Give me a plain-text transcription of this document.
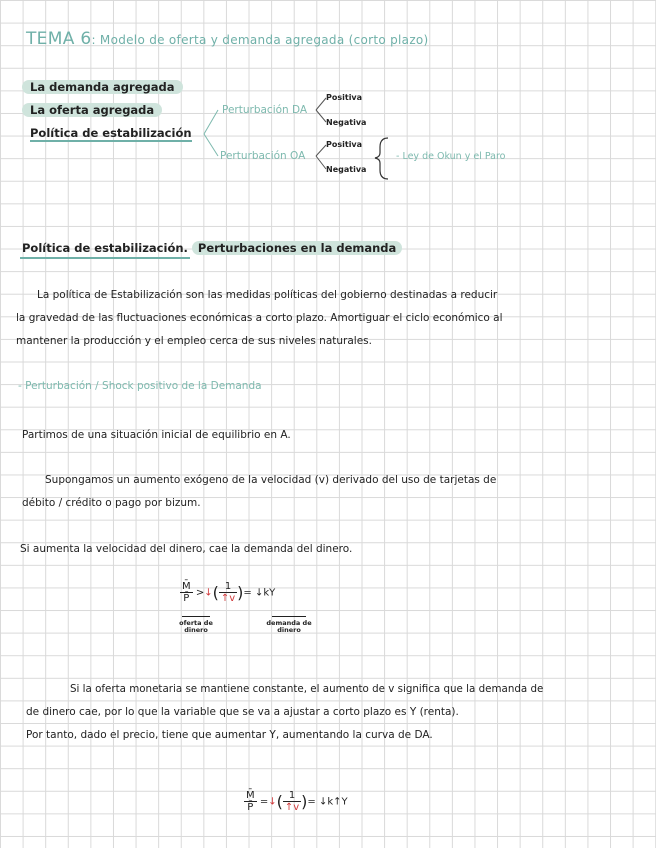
TEMA 6: Modelo de oferta y demanda agregada (corto plazo)
La demanda agregada
La oferta agregada
Política de estabilización
Perturbación DA
Perturbación OA
Positiva
Negativa
Positiva
Negativa
- Ley de Okun y el Paro
Política de estabilización. Perturbaciones en la demanda
La política de Estabilización son las medidas políticas del gobierno destinadas a reducir
la gravedad de las fluctuaciones económicas a corto plazo. Amortiguar el ciclo económico al
mantener la producción y el empleo cerca de sus niveles naturales.
- Perturbación / Shock positivo de la Demanda
Partimos de una situación inicial de equilibrio en A.
Supongamos un aumento exógeno de la velocidad (v) derivado del uso de tarjetas de
débito / crédito o pago por bizum.
Si aumenta la velocidad del dinero, cae la demanda del dinero.
$\frac{M̄}{P̄}$ >↓( $\frac{1}{↑v}$ )= ↓kY
oferta de dinero
demanda de dinero
Si la oferta monetaria se mantiene constante, el aumento de v significa que la demanda de
de dinero cae, por lo que la variable que se va a ajustar a corto plazo es Y (renta).
Por tanto, dado el precio, tiene que aumentar Y, aumentando la curva de DA.
$\frac{M̄}{P̄}$ =↓( $\frac{1}{↑v}$ )= ↓k↑Y
